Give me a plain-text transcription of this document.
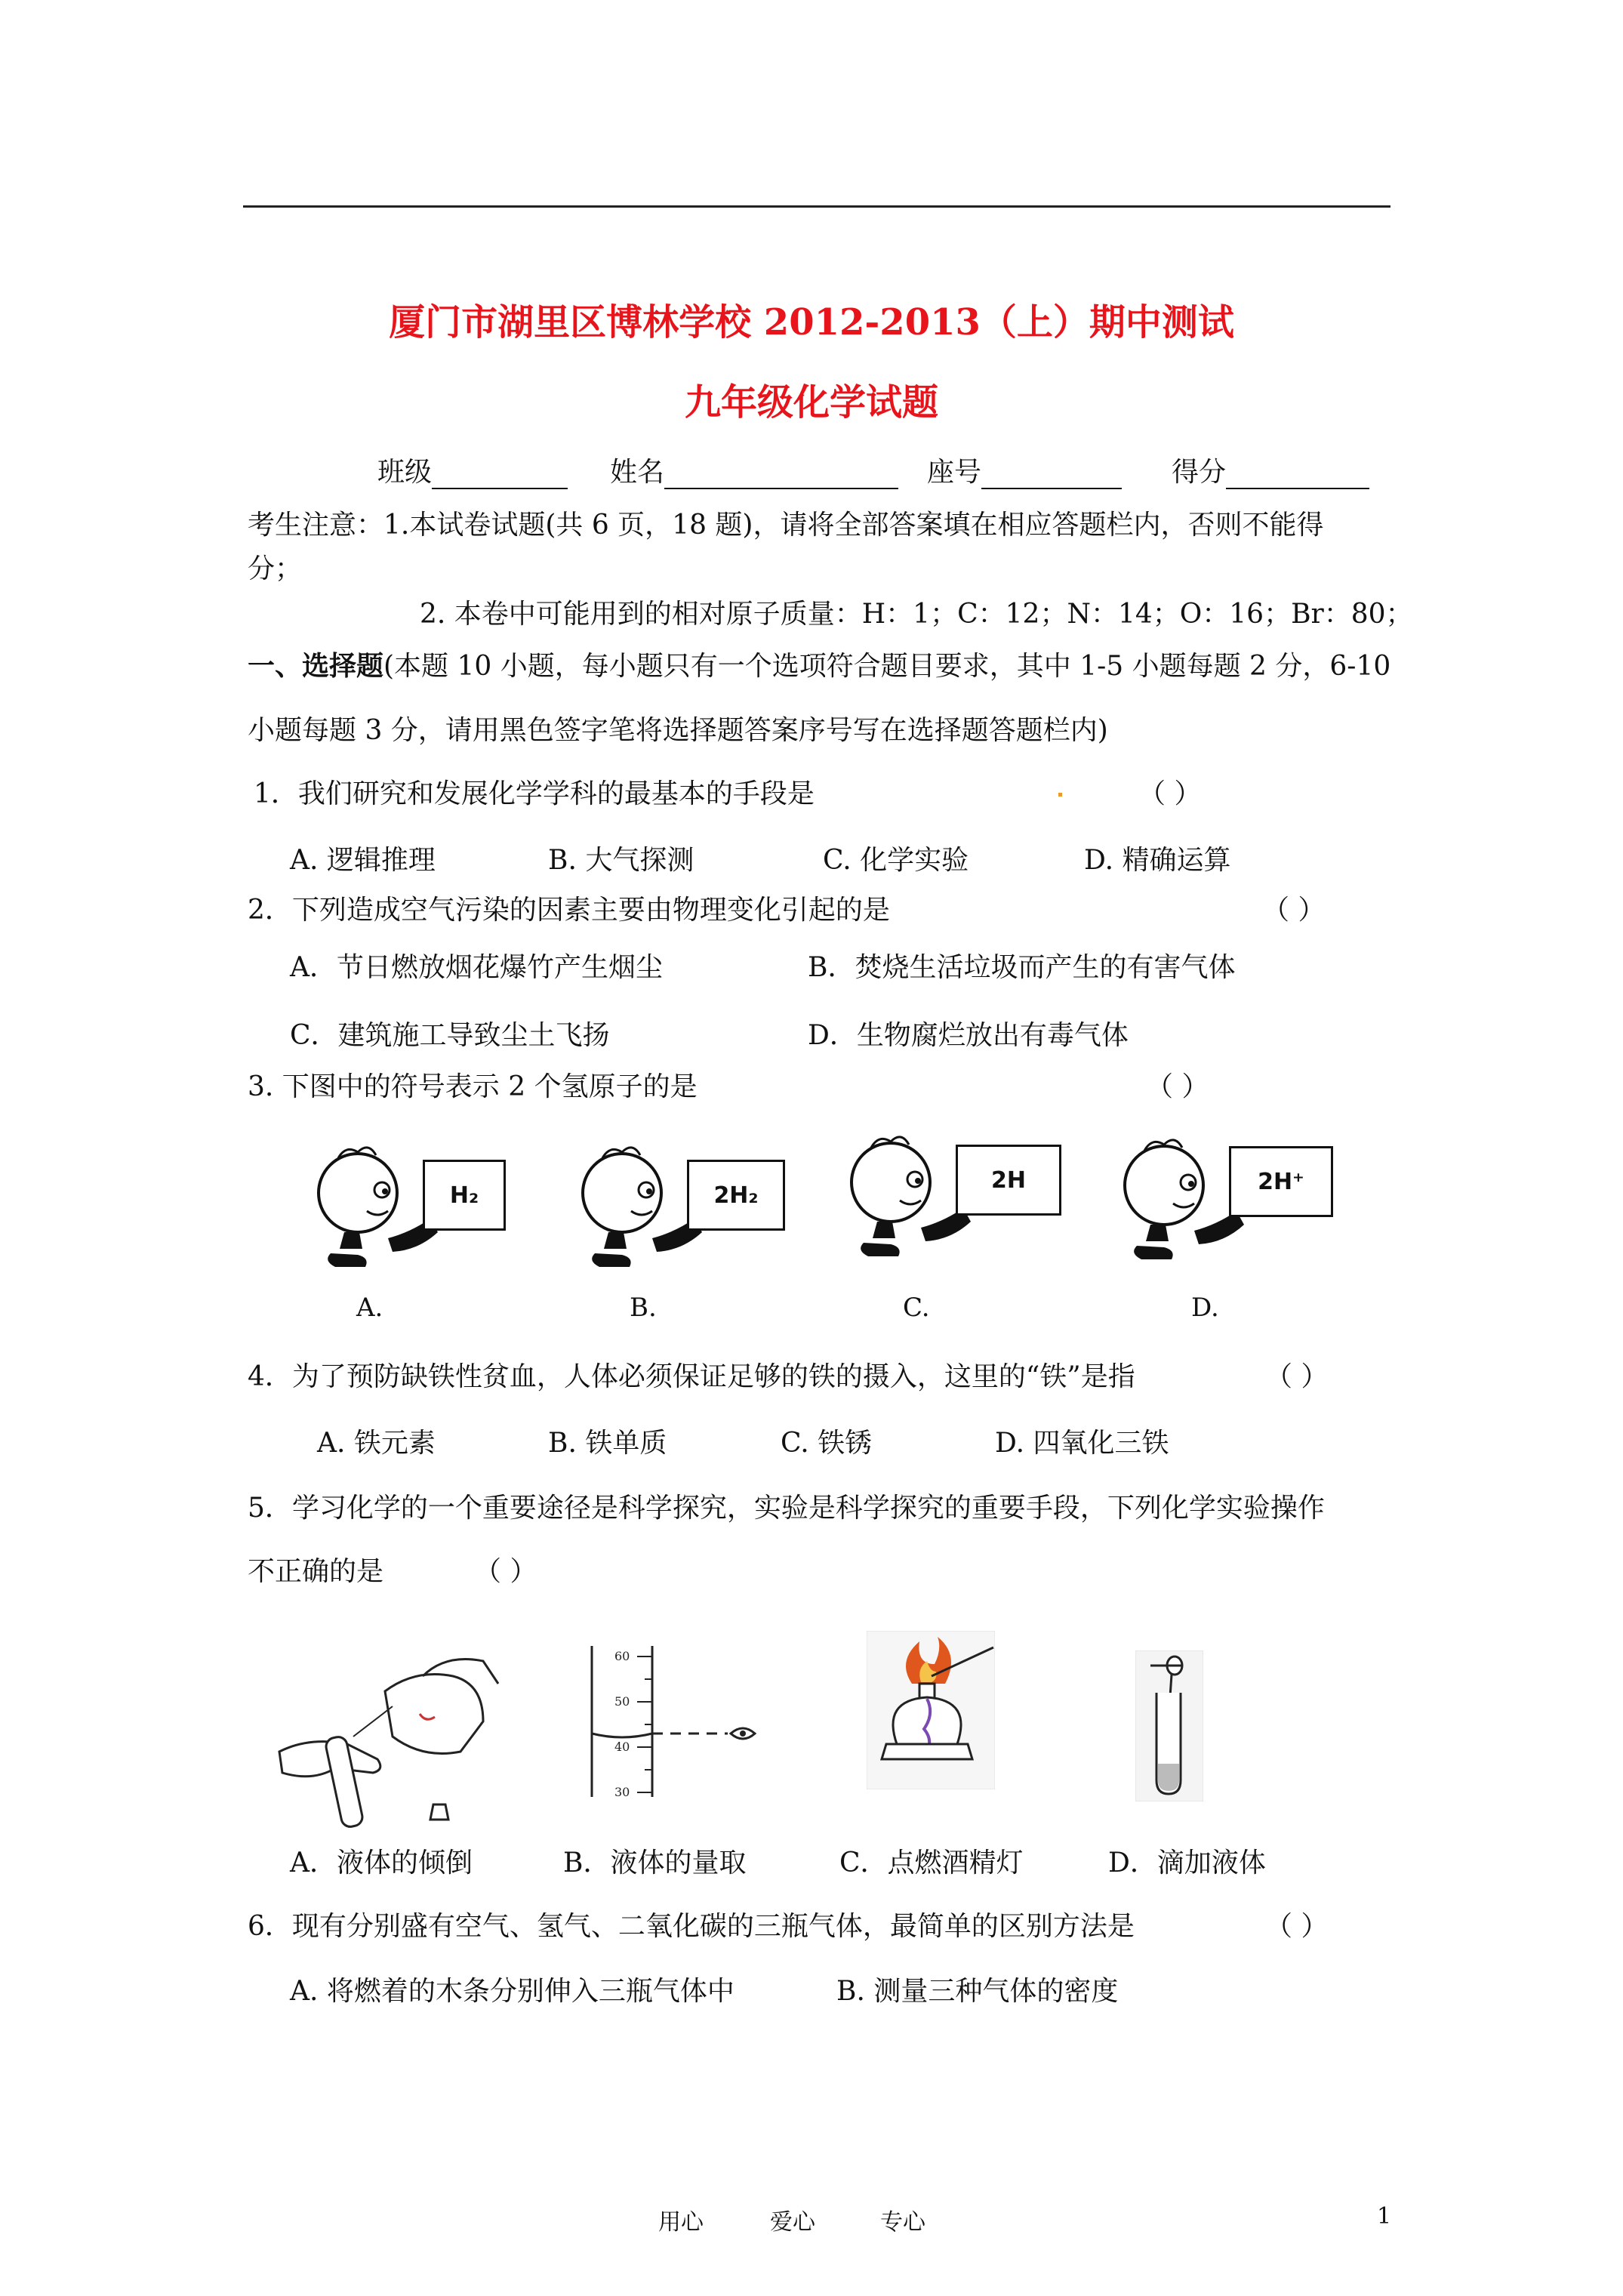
厦门市湖里区博林学校 2012-2013（上）期中测试
九年级化学试题
班级	姓名	座号	得分
考生注意：1.本试卷试题(共 6 页，18 题)，请将全部答案填在相应答题栏内，否则不能得
分；
2. 本卷中可能用到的相对原子质量：H：1；C：12；N：14；O：16；Br：80；
一、选择题(本题 10 小题，每小题只有一个选项符合题目要求，其中 1-5 小题每题 2 分，6-10
小题每题 3 分，请用黑色签字笔将选择题答案序号写在选择题答题栏内)
1．我们研究和发展化学学科的最基本的手段是	（ ）
A. 逻辑推理	B. 大气探测	C. 化学实验	D. 精确运算
2．下列造成空气污染的因素主要由物理变化引起的是	（ ）
A．节日燃放烟花爆竹产生烟尘	B．焚烧生活垃圾而产生的有害气体
C．建筑施工导致尘土飞扬	D．生物腐烂放出有毒气体
3. 下图中的符号表示 2 个氢原子的是	（ ）
H₂	2H₂
2H	2H⁺
A.	B.	C.	D.
4．为了预防缺铁性贫血，人体必须保证足够的铁的摄入，这里的“铁”是指	（ ）
A. 铁元素	B. 铁单质	C. 铁锈	D. 四氧化三铁
5．学习化学的一个重要途径是科学探究，实验是科学探究的重要手段，下列化学实验操作
不正确的是	（ ）
60
50
40
30
A．液体的倾倒	B．液体的量取	C．点燃酒精灯	D．滴加液体
6．现有分别盛有空气、氢气、二氧化碳的三瓶气体，最简单的区别方法是	（ ）
A. 将燃着的木条分别伸入三瓶气体中	B. 测量三种气体的密度
用心	爱心	专心	1
